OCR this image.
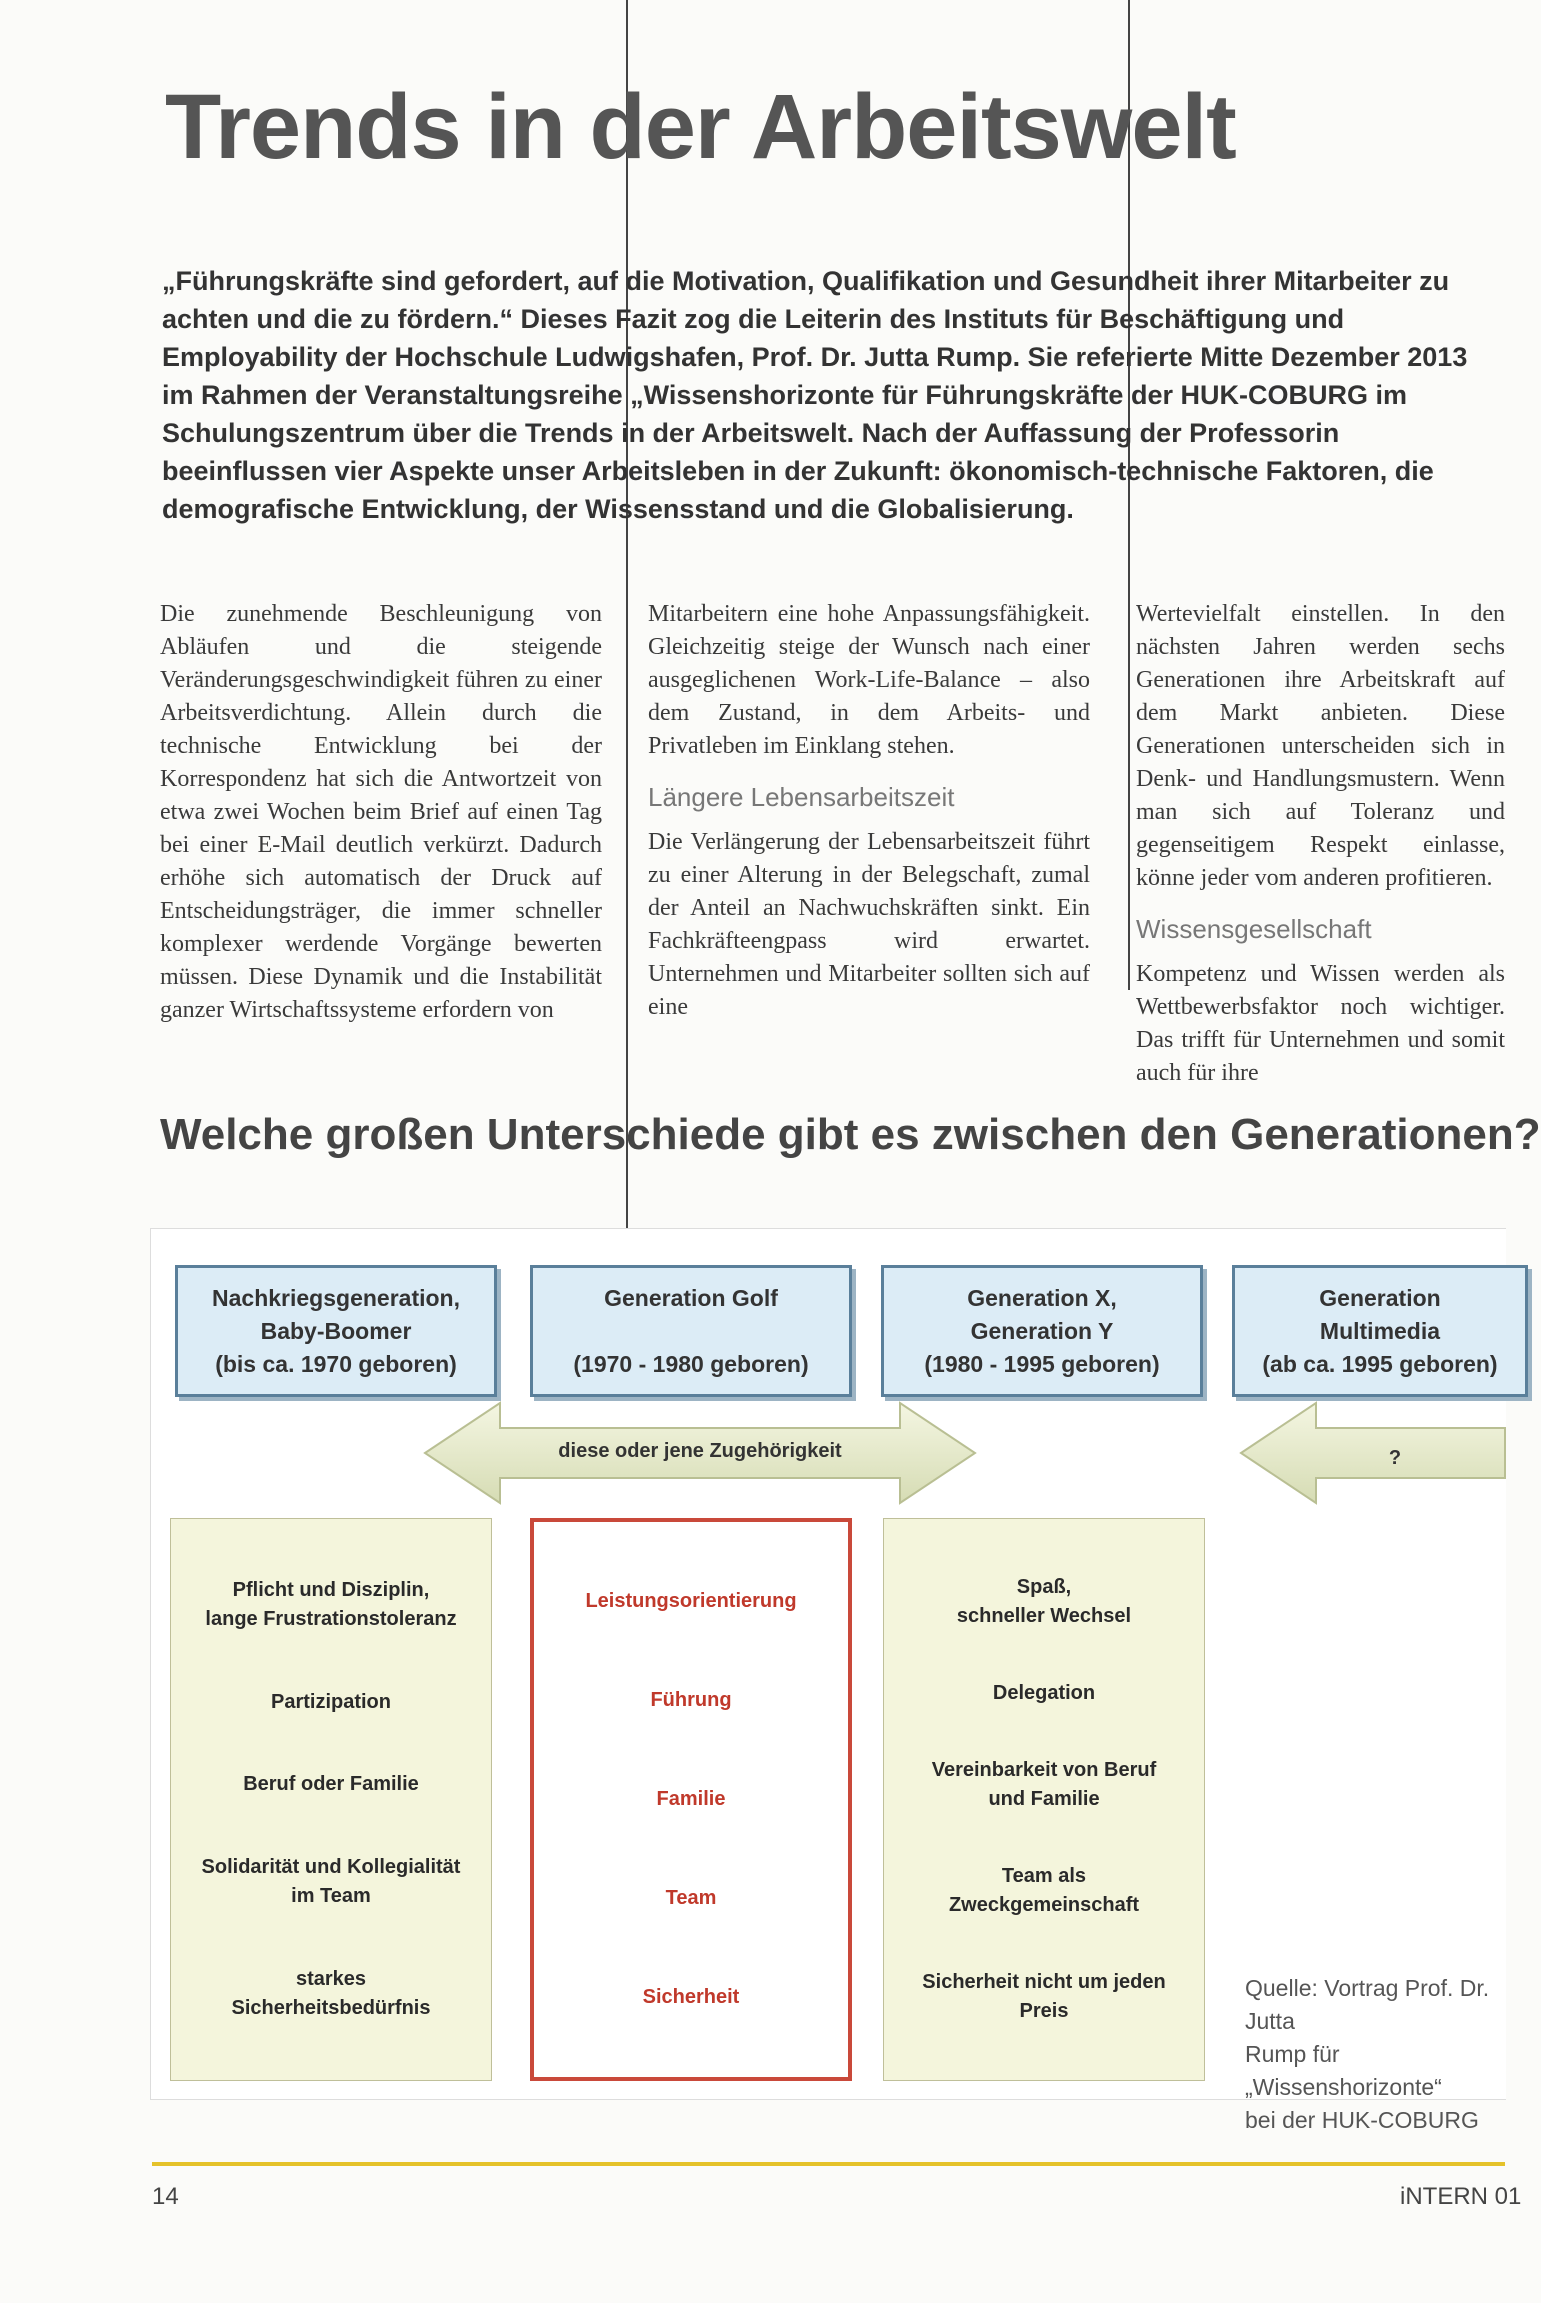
Trends in der Arbeitswelt
„Führungskräfte sind gefordert, auf die Motivation, Qualifikation und Gesundheit ihrer Mitarbeiter zu achten und die zu fördern.“ Dieses Fazit zog die Leiterin des Instituts für Beschäftigung und Employability der Hochschule Ludwigshafen, Prof. Dr. Jutta Rump. Sie referierte Mitte Dezember 2013 im Rahmen der Veranstaltungsreihe „Wissenshorizonte für Führungskräfte der HUK-COBURG im Schulungszentrum über die Trends in der Arbeitswelt. Nach der Auffassung der Professorin beeinflussen vier Aspekte unser Arbeitsleben in der Zukunft: ökonomisch-technische Faktoren, die demografische Entwicklung, der Wissensstand und die Globalisierung.

Die zunehmende Beschleunigung von Abläufen und die steigende Veränderungsgeschwindigkeit führen zu einer Arbeitsverdichtung. Allein durch die technische Entwicklung bei der Korrespondenz hat sich die Antwortzeit von etwa zwei Wochen beim Brief auf einen Tag bei einer E-Mail deutlich verkürzt. Dadurch erhöhe sich automatisch der Druck auf Entscheidungsträger, die immer schneller komplexer werdende Vorgänge bewerten müssen. Diese Dynamik und die Instabilität ganzer Wirtschaftssysteme erfordern von

Mitarbeitern eine hohe Anpassungsfähigkeit. Gleichzeitig steige der Wunsch nach einer ausgeglichenen Work-Life-Balance – also dem Zustand, in dem Arbeits- und Privatleben im Einklang stehen.

Längere Lebensarbeitszeit

Die Verlängerung der Lebensarbeitszeit führt zu einer Alterung in der Belegschaft, zumal der Anteil an Nachwuchskräften sinkt. Ein Fachkräfteengpass wird erwartet. Unternehmen und Mitarbeiter sollten sich auf eine

Wertevielfalt einstellen. In den nächsten Jahren werden sechs Generationen ihre Arbeitskraft auf dem Markt anbieten. Diese Generationen unterscheiden sich in Denk- und Handlungsmustern. Wenn man sich auf Toleranz und gegenseitigem Respekt einlasse, könne jeder vom anderen profitieren.

Wissensgesellschaft

Kompetenz und Wissen werden als Wettbewerbsfaktor noch wichtiger. Das trifft für Unternehmen und somit auch für ihre

Welche großen Unterschiede gibt es zwischen den Generationen?
Nachkriegsgeneration,
Baby-Boomer
(bis ca. 1970 geboren)
Generation Golf

(1970 - 1980 geboren)
Generation X,
Generation Y
(1980 - 1995 geboren)
Generation
Multimedia
(ab ca. 1995 geboren)
diese oder jene Zugehörigkeit	?
Pflicht und Disziplin,
lange Frustrationstoleranz
Partizipation
Beruf oder Familie
Solidarität und Kollegialität
im Team
starkes
Sicherheitsbedürfnis
Leistungsorientierung
Führung
Familie
Team
Sicherheit
Spaß,
schneller Wechsel
Delegation
Vereinbarkeit von Beruf
und Familie
Team als
Zweckgemeinschaft
Sicherheit nicht um jeden
Preis
Quelle: Vortrag Prof. Dr. Jutta
Rump für „Wissenshorizonte“
bei der HUK-COBURG
14	iNTERN 01
